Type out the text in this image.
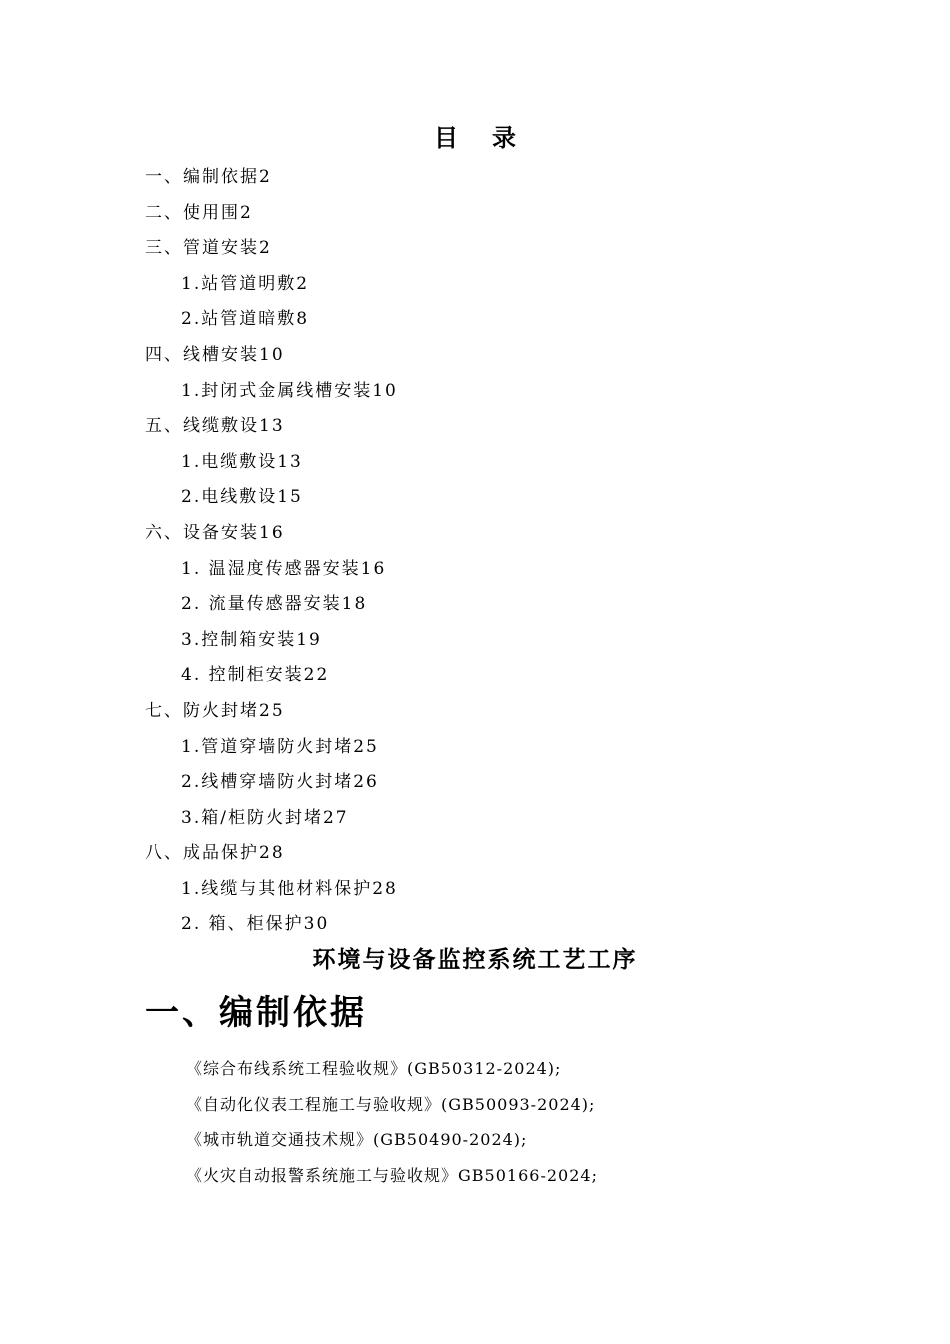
目录
一、编制依据2
二、使用围2
三、管道安装2
1.站管道明敷2
2.站管道暗敷8
四、线槽安装10
1.封闭式金属线槽安装10
五、线缆敷设13
1.电缆敷设13
2.电线敷设15
六、设备安装16
1. 温湿度传感器安装16
2. 流量传感器安装18
3.控制箱安装19
4. 控制柜安装22
七、防火封堵25
1.管道穿墙防火封堵25
2.线槽穿墙防火封堵26
3.箱/柜防火封堵27
八、成品保护28
1.线缆与其他材料保护28
2. 箱、柜保护30
环境与设备监控系统工艺工序
一、编制依据
《综合布线系统工程验收规》(GB50312-2024);
《自动化仪表工程施工与验收规》(GB50093-2024);
《城市轨道交通技术规》(GB50490-2024);
《火灾自动报警系统施工与验收规》GB50166-2024;
